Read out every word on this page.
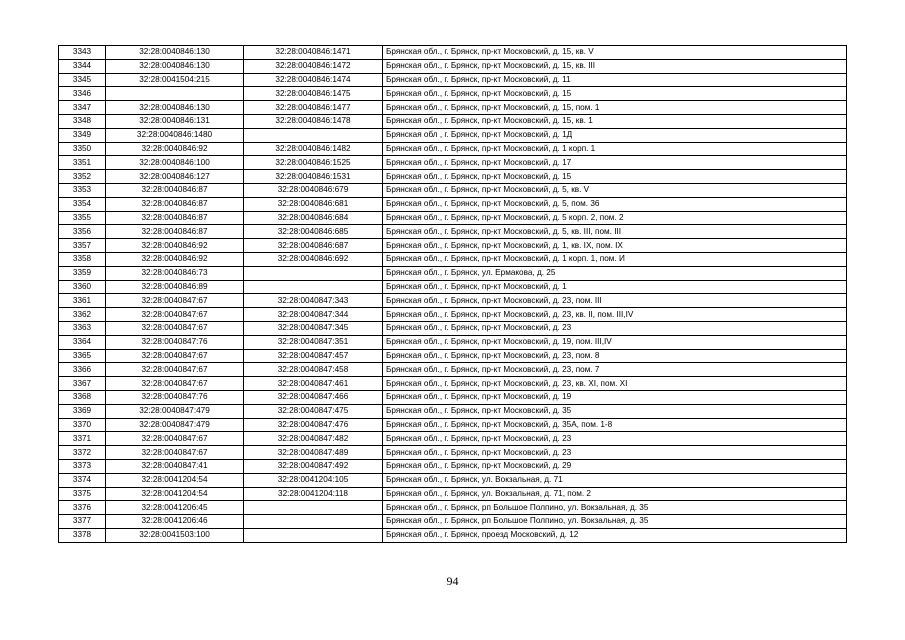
3343	32:28:0040846:130	32:28:0040846:1471	Брянская обл., г. Брянск, пр-кт Московский, д. 15, кв. V
3344	32:28:0040846:130	32:28:0040846:1472	Брянская обл., г. Брянск, пр-кт Московский, д. 15, кв. III
3345	32:28:0041504:215	32:28:0040846:1474	Брянская обл., г. Брянск, пр-кт Московский, д. 11
3346		32:28:0040846:1475	Брянская обл., г. Брянск, пр-кт Московский, д. 15
3347	32:28:0040846:130	32:28:0040846:1477	Брянская обл., г. Брянск, пр-кт Московский, д. 15, пом. 1
3348	32:28:0040846:131	32:28:0040846:1478	Брянская обл., г. Брянск, пр-кт Московский, д. 15, кв. 1
3349	32:28:0040846:1480		Брянская обл , г. Брянск, пр-кт Московский, д. 1Д
3350	32:28:0040846:92	32:28:0040846:1482	Брянская обл., г. Брянск, пр-кт Московский, д. 1 корп. 1
3351	32:28:0040846:100	32:28:0040846:1525	Брянская обл., г. Брянск, пр-кт Московский, д. 17
3352	32:28:0040846:127	32:28:0040846:1531	Брянская обл., г. Брянск, пр-кт Московский, д. 15
3353	32:28:0040846:87	32:28:0040846:679	Брянская обл., г. Брянск, пр-кт Московский, д. 5, кв. V
3354	32:28:0040846:87	32:28:0040846:681	Брянская обл., г. Брянск, пр-кт Московский, д. 5, пом. 36
3355	32:28:0040846:87	32:28:0040846:684	Брянская обл., г. Брянск, пр-кт Московский, д. 5 корп. 2, пом. 2
3356	32:28:0040846:87	32:28:0040846:685	Брянская обл., г. Брянск, пр-кт Московский, д. 5, кв. III, пом. III
3357	32:28:0040846:92	32:28:0040846:687	Брянская обл., г. Брянск, пр-кт Московский, д. 1, кв. IX, пом. IX
3358	32:28:0040846:92	32:28:0040846:692	Брянская обл., г. Брянск, пр-кт Московский, д. 1 корп. 1, пом. И
3359	32:28:0040846:73		Брянская обл., г. Брянск, ул. Ермакова, д. 25
3360	32:28:0040846:89		Брянская обл., г. Брянск, пр-кт Московский, д. 1
3361	32:28:0040847:67	32:28:0040847:343	Брянская обл., г. Брянск, пр-кт Московский, д. 23, пом. III
3362	32:28:0040847:67	32:28:0040847:344	Брянская обл., г. Брянск, пр-кт Московский, д. 23, кв. II, пом. III,IV
3363	32:28:0040847:67	32:28:0040847:345	Брянская обл., г. Брянск, пр-кт Московский, д. 23
3364	32:28:0040847:76	32:28:0040847:351	Брянская обл., г. Брянск, пр-кт Московский, д. 19, пом. III,IV
3365	32:28:0040847:67	32:28:0040847:457	Брянская обл., г. Брянск, пр-кт Московский, д. 23, пом. 8
3366	32:28:0040847:67	32:28:0040847:458	Брянская обл., г. Брянск, пр-кт Московский, д. 23, пом. 7
3367	32:28:0040847:67	32:28:0040847:461	Брянская обл., г. Брянск, пр-кт Московский, д. 23, кв. XI, пом. XI
3368	32:28:0040847:76	32:28:0040847:466	Брянская обл., г. Брянск, пр-кт Московский, д. 19
3369	32:28:0040847:479	32:28:0040847:475	Брянская обл., г. Брянск, пр-кт Московский, д. 35
3370	32:28:0040847:479	32:28:0040847:476	Брянская обл., г. Брянск, пр-кт Московский, д. 35А, пом. 1-8
3371	32:28:0040847:67	32:28:0040847:482	Брянская обл., г. Брянск, пр-кт Московский, д. 23
3372	32:28:0040847:67	32:28:0040847:489	Брянская обл., г. Брянск, пр-кт Московский, д. 23
3373	32:28:0040847:41	32:28:0040847:492	Брянская обл., г. Брянск, пр-кт Московский, д. 29
3374	32:28:0041204:54	32:28:0041204:105	Брянская обл., г. Брянск, ул. Вокзальная, д. 71
3375	32:28:0041204:54	32:28:0041204:118	Брянская обл., г. Брянск, ул. Вокзальная, д. 71, пом. 2
3376	32:28:0041206:45		Брянская обл., г. Брянск, рп Большое Полпино, ул. Вокзальная, д. 35
3377	32:28:0041206:46		Брянская обл., г. Брянск, рп Большое Полпино, ул. Вокзальная, д. 35
3378	32:28:0041503:100		Брянская обл., г. Брянск, проезд Московский, д. 12
94
